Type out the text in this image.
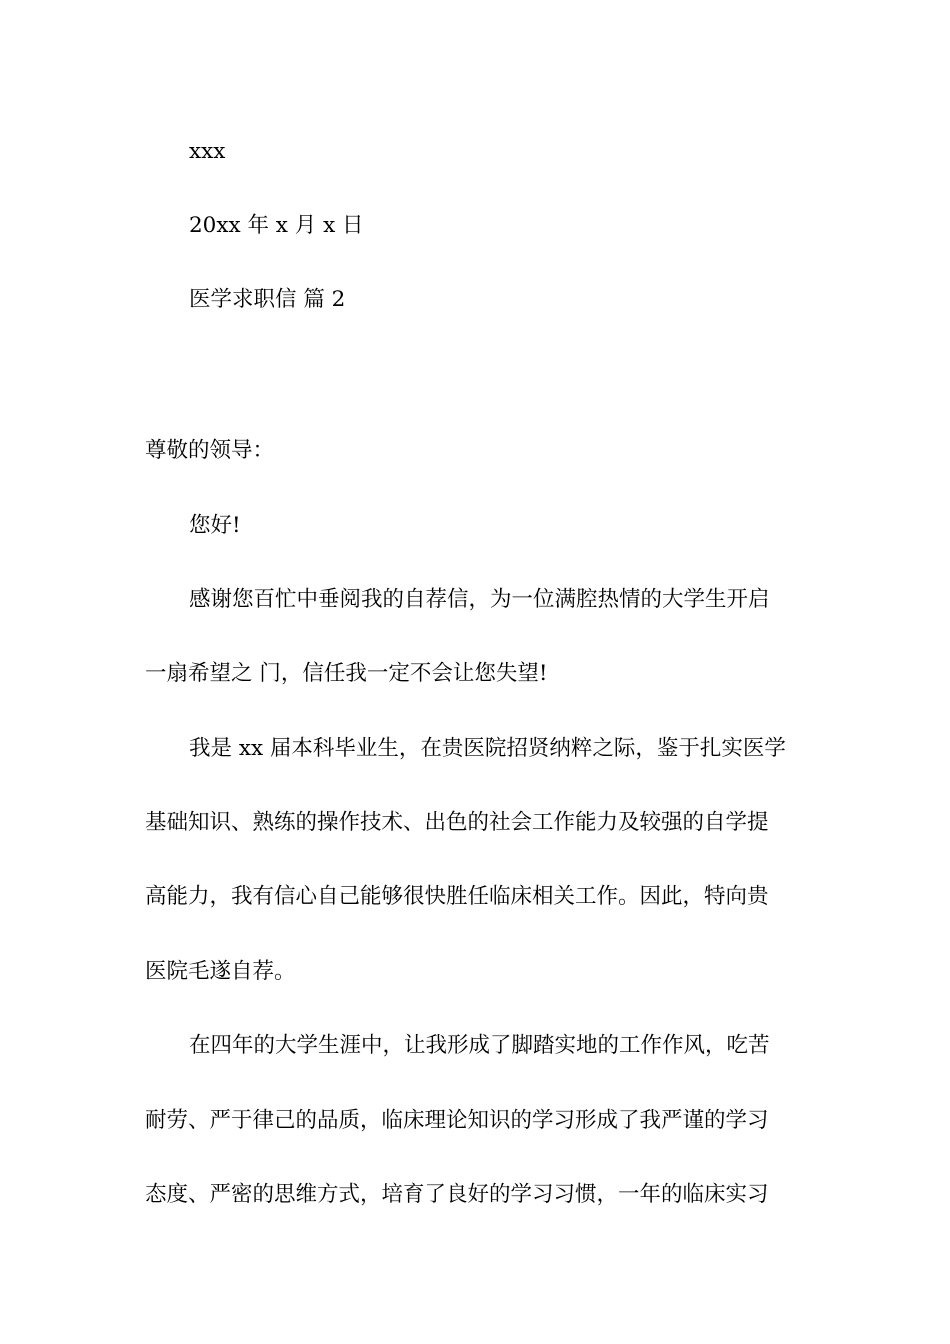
xxx
20xx 年 x 月 x 日
医学求职信 篇 2
尊敬的领导：
您好!
感谢您百忙中垂阅我的自荐信，为一位满腔热情的大学生开启
一扇希望之 门，信任我一定不会让您失望!
我是 xx 届本科毕业生，在贵医院招贤纳粹之际，鉴于扎实医学
基础知识、熟练的操作技术、出色的社会工作能力及较强的自学提
高能力，我有信心自己能够很快胜任临床相关工作。因此，特向贵
医院毛遂自荐。
在四年的大学生涯中，让我形成了脚踏实地的工作作风，吃苦
耐劳、严于律己的品质，临床理论知识的学习形成了我严谨的学习
态度、严密的思维方式，培育了良好的学习习惯，一年的临床实习
